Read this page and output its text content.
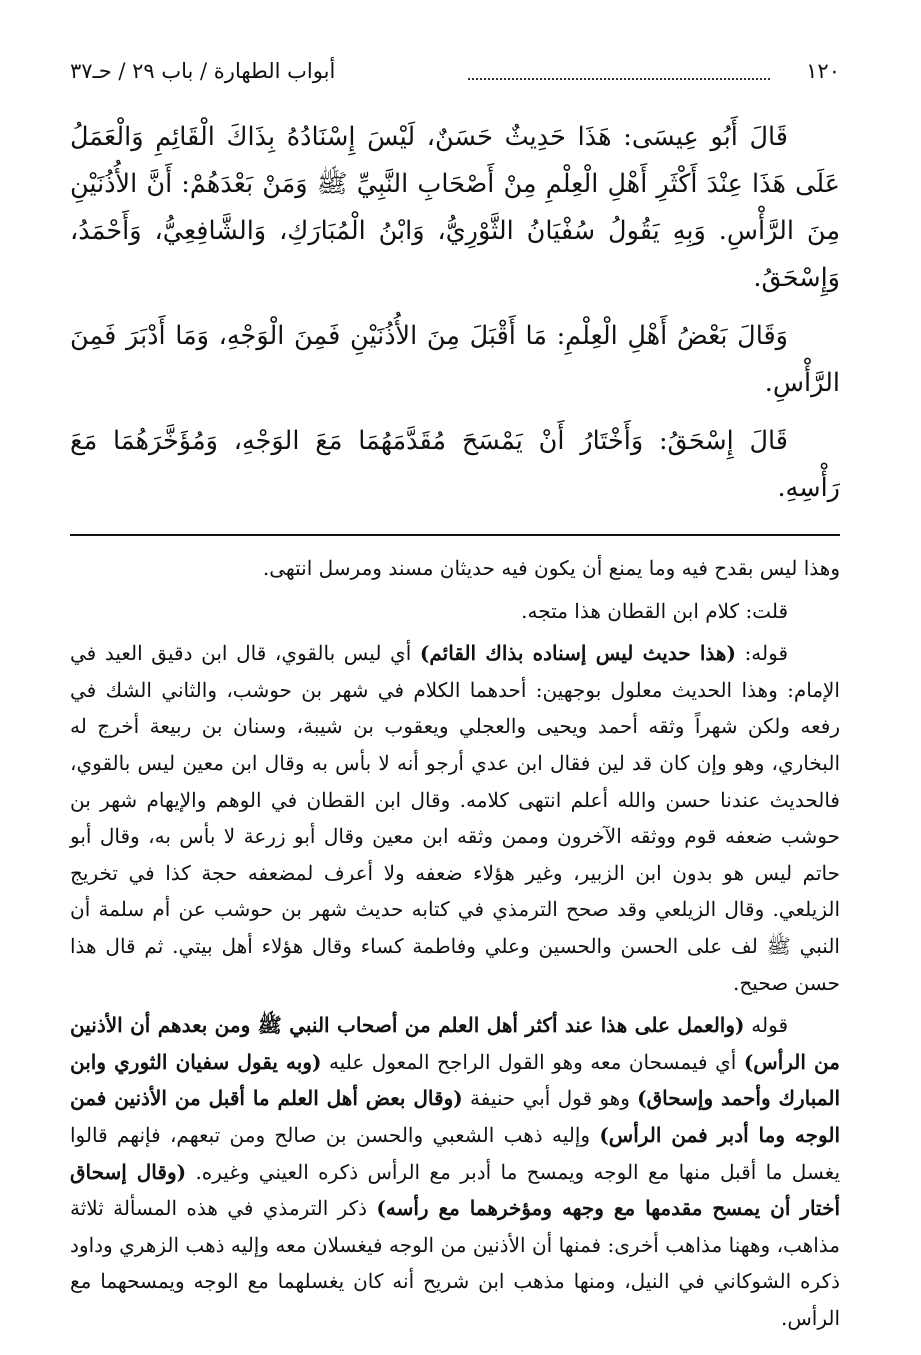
١٢٠
أبواب الطهارة / باب ٢٩ / حـ٣٧

قَالَ أَبُو عِيسَى: هَذَا حَدِيثٌ حَسَنٌ، لَيْسَ إِسْنَادُهُ بِذَاكَ الْقَائِمِ وَالْعَمَلُ عَلَى هَذَا عِنْدَ أَكْثَرِ أَهْلِ الْعِلْمِ مِنْ أَصْحَابِ النَّبِيِّ ﷺ وَمَنْ بَعْدَهُمْ: أَنَّ الأُذُنَيْنِ مِنَ الرَّأْسِ. وَبِهِ يَقُولُ سُفْيَانُ الثَّوْرِيُّ، وَابْنُ الْمُبَارَكِ، وَالشَّافِعِيُّ، وَأَحْمَدُ، وَإِسْحَقُ.

وَقَالَ بَعْضُ أَهْلِ الْعِلْمِ: مَا أَقْبَلَ مِنَ الأُذُنَيْنِ فَمِنَ الْوَجْهِ، وَمَا أَدْبَرَ فَمِنَ الرَّأْسِ.

قَالَ إِسْحَقُ: وَأَخْتَارُ أَنْ يَمْسَحَ مُقَدَّمَهُمَا مَعَ الوَجْهِ، وَمُؤَخَّرَهُمَا مَعَ رَأْسِهِ.

وهذا ليس بقدح فيه وما يمنع أن يكون فيه حديثان مسند ومرسل انتهى.

قلت: كلام ابن القطان هذا متجه.

قوله: (هذا حديث ليس إسناده بذاك القائم) أي ليس بالقوي، قال ابن دقيق العيد في الإمام: وهذا الحديث معلول بوجهين: أحدهما الكلام في شهر بن حوشب، والثاني الشك في رفعه ولكن شهراً وثقه أحمد ويحيى والعجلي ويعقوب بن شيبة، وسنان بن ربيعة أخرج له البخاري، وهو وإن كان قد لين فقال ابن عدي أرجو أنه لا بأس به وقال ابن معين ليس بالقوي، فالحديث عندنا حسن والله أعلم انتهى كلامه. وقال ابن القطان في الوهم والإيهام شهر بن حوشب ضعفه قوم ووثقه الآخرون وممن وثقه ابن معين وقال أبو زرعة لا بأس به، وقال أبو حاتم ليس هو بدون ابن الزبير، وغير هؤلاء ضعفه ولا أعرف لمضعفه حجة كذا في تخريج الزيلعي. وقال الزيلعي وقد صحح الترمذي في كتابه حديث شهر بن حوشب عن أم سلمة أن النبي ﷺ لف على الحسن والحسين وعلي وفاطمة كساء وقال هؤلاء أهل بيتي. ثم قال هذا حسن صحيح.

قوله (والعمل على هذا عند أكثر أهل العلم من أصحاب النبي ﷺ ومن بعدهم أن الأذنين من الرأس) أي فيمسحان معه وهو القول الراجح المعول عليه (وبه يقول سفيان الثوري وابن المبارك وأحمد وإسحاق) وهو قول أبي حنيفة (وقال بعض أهل العلم ما أقبل من الأذنين فمن الوجه وما أدبر فمن الرأس) وإليه ذهب الشعبي والحسن بن صالح ومن تبعهم، فإنهم قالوا يغسل ما أقبل منها مع الوجه ويمسح ما أدبر مع الرأس ذكره العيني وغيره. (وقال إسحاق أختار أن يمسح مقدمها مع وجهه ومؤخرهما مع رأسه) ذكر الترمذي في هذه المسألة ثلاثة مذاهب، وههنا مذاهب أخرى: فمنها أن الأذنين من الوجه فيغسلان معه وإليه ذهب الزهري وداود ذكره الشوكاني في النيل، ومنها مذهب ابن شريح أنه كان يغسلهما مع الوجه ويمسحهما مع الرأس.
